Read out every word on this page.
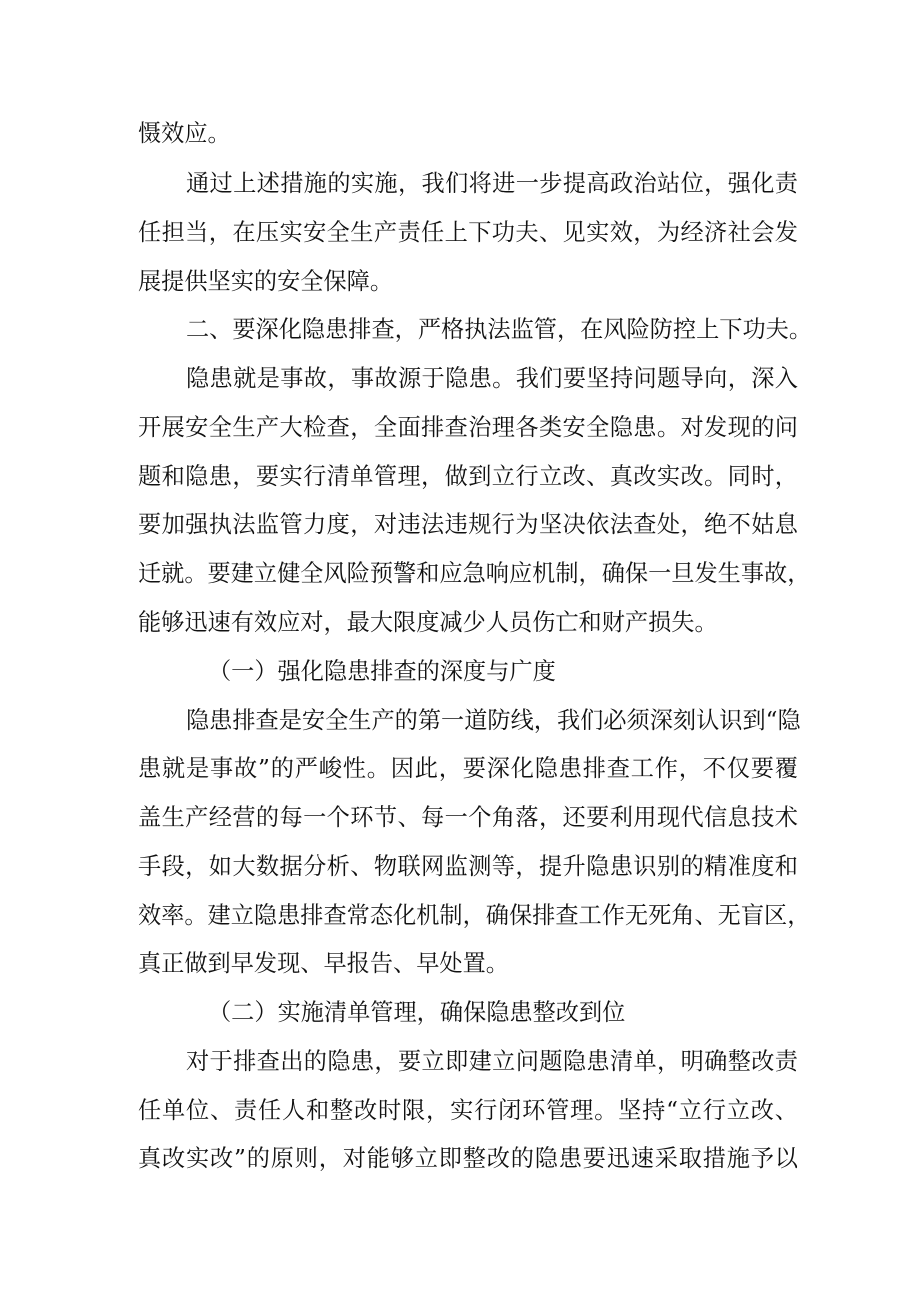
慑效应。
通过上述措施的实施，我们将进一步提高政治站位，强化责
任担当，在压实安全生产责任上下功夫、见实效，为经济社会发
展提供坚实的安全保障。
二、要深化隐患排查，严格执法监管，在风险防控上下功夫。
隐患就是事故，事故源于隐患。我们要坚持问题导向，深入
开展安全生产大检查，全面排查治理各类安全隐患。对发现的问
题和隐患，要实行清单管理，做到立行立改、真改实改。同时，
要加强执法监管力度，对违法违规行为坚决依法查处，绝不姑息
迁就。要建立健全风险预警和应急响应机制，确保一旦发生事故，
能够迅速有效应对，最大限度减少人员伤亡和财产损失。
（一）强化隐患排查的深度与广度
隐患排查是安全生产的第一道防线，我们必须深刻认识到“隐
患就是事故”的严峻性。因此，要深化隐患排查工作，不仅要覆
盖生产经营的每一个环节、每一个角落，还要利用现代信息技术
手段，如大数据分析、物联网监测等，提升隐患识别的精准度和
效率。建立隐患排查常态化机制，确保排查工作无死角、无盲区，
真正做到早发现、早报告、早处置。
（二）实施清单管理，确保隐患整改到位
对于排查出的隐患，要立即建立问题隐患清单，明确整改责
任单位、责任人和整改时限，实行闭环管理。坚持“立行立改、
真改实改”的原则，对能够立即整改的隐患要迅速采取措施予以
